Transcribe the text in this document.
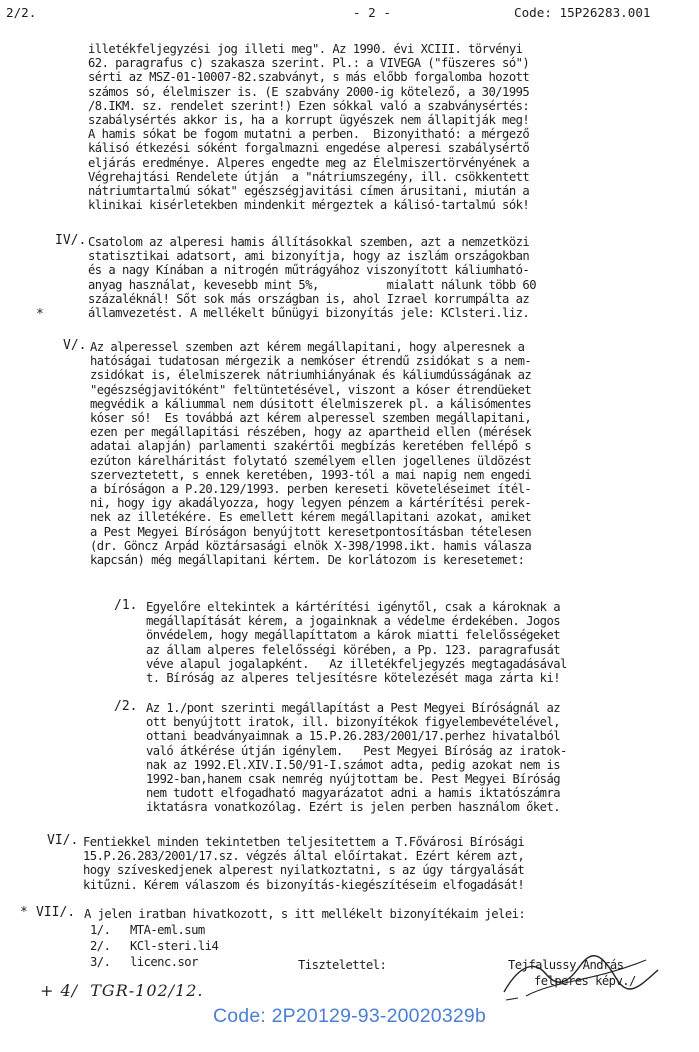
2/2.	- 2 -	Code: 15P26283.001
illetékfeljegyzési jog illeti meg". Az 1990. évi XCIII. törvényi
62. paragrafus c) szakasza szerint. Pl.: a VIVEGA ("füszeres só")
sérti az MSZ-01-10007-82.szabványt, s más előbb forgalomba hozott
számos só, élelmiszer is. (E szabvány 2000-ig kötelező, a 30/1995
/8.IKM. sz. rendelet szerint!) Ezen sókkal való a szabványsértés:
szabálysértés akkor is, ha a korrupt ügyészek nem állapitják meg!
A hamis sókat be fogom mutatni a perben.  Bizonyitható: a mérgező
kálisó étkezési sóként forgalmazni engedése alperesi szabálysértő
eljárás eredménye. Alperes engedte meg az Élelmiszertörvényének a
Végrehajtási Rendelete útján  a "nátriumszegény, ill. csökkentett
nátriumtartalmú sókat" egészségjavitási címen árusitani, miután a
klinikai kisérletekben mindenkit mérgeztek a kálisó-tartalmú sók!
IV/.
*
Csatolom az alperesi hamis állításokkal szemben, azt a nemzetközi
statisztikai adatsort, ami bizonyítja, hogy az iszlám országokban
és a nagy Kínában a nitrogén műtrágyához viszonyított káliumható-
anyag használat, kevesebb mint 5%,          mialatt nálunk több 60
százaléknál! Sőt sok más országban is, ahol Izrael korrumpálta az
államvezetést. A mellékelt bűnügyi bizonyítás jele: KClsteri.liz.
V/. Az alperessel szemben azt kérem megállapitani, hogy alperesnek a
hatóságai tudatosan mérgezik a nemkóser étrendű zsidókat s a nem-
zsidókat is, élelmiszerek nátriumhiányának és káliumdússágának az
"egészségjavitóként" feltüntetésével, viszont a kóser étrendüeket
megvédik a káliummal nem dúsitott élelmiszerek pl. a kálisómentes
kóser só!  Es továbbá azt kérem alperessel szemben megállapitani,
ezen per megállapitási részében, hogy az apartheid ellen (mérések
adatai alapján) parlamenti szakértői megbízás keretében fellépő s
ezúton kárelháritást folytató személyem ellen jogellenes üldözést
szerveztetett, s ennek keretében, 1993-tól a mai napig nem engedi
a bíróságon a P.20.129/1993. perben kereseti követeléseimet ítél-
ni, hogy igy akadályozza, hogy legyen pénzem a kártérítési perek-
nek az illetékére. Es emellett kérem megállapitani azokat, amiket
a Pest Megyei Bíróságon benyújtott keresetpontosításban tételesen
(dr. Göncz Arpád köztársasági elnök X-398/1998.ikt. hamis válasza
kapcsán) még megállapitani kértem. De korlátozom is keresetemet:
/1. Egyelőre eltekintek a kártérítési igénytől, csak a károknak a
megállapítását kérem, a jogainknak a védelme érdekében. Jogos
önvédelem, hogy megállapíttatom a károk miatti felelősségeket
az állam alperes felelősségi körében, a Pp. 123. paragrafusát
véve alapul jogalapként.   Az illetékfeljegyzés megtagadásával
t. Bíróság az alperes teljesítésre kötelezését maga zárta ki!
/2. Az 1./pont szerinti megállapítást a Pest Megyei Bíróságnál az
ott benyújtott iratok, ill. bizonyítékok figyelembevételével,
ottani beadványaimnak a 15.P.26.283/2001/17.perhez hivatalból
való átkérése útján igénylem.   Pest Megyei Bíróság az iratok-
nak az 1992.El.XIV.I.50/91-I.számot adta, pedig azokat nem is
1992-ban,hanem csak nemrég nyújtottam be. Pest Megyei Bíróság
nem tudott elfogadható magyarázatot adni a hamis iktatószámra
iktatásra vonatkozólag. Ezért is jelen perben használom őket.
VI/. Fentiekkel minden tekintetben teljesitettem a T.Fővárosi Bírósági
15.P.26.283/2001/17.sz. végzés által előírtakat. Ezért kérem azt,
hogy szíveskedjenek alperest nyilatkoztatni, s az úgy tárgyalását
kitűzni. Kérem válaszom és bizonyítás-kiegészítéseim elfogadását!
* VII/. A jelen iratban hivatkozott, s itt mellékelt bizonyítékaim jelei:
1/. MTA-eml.sum
2/. KCl-steri.li4
3/. licenc.sor	Tisztelettel:	Tejfalussy András
felperes képv./
+ 4/  TGR-102/12.
Code: 2P20129-93-20020329b
